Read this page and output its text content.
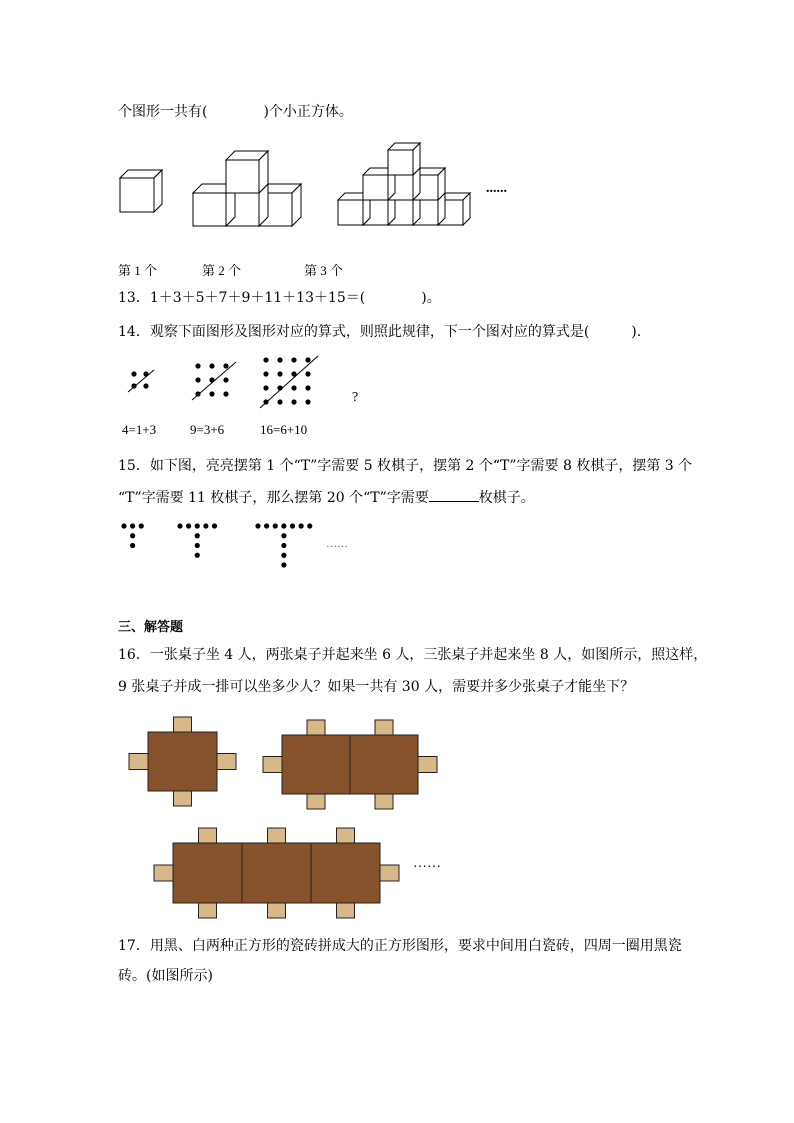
个图形一共有(　　　　)个小正方体。
......
第 1 个	第 2 个	第 3 个
13．1＋3＋5＋7＋9＋11＋13＋15＝(　　　　)。
14．观察下面图形及图形对应的算式，则照此规律，下一个图对应的算式是(　　　).
?
4=1+3	9=3+6	16=6+10
15．如下图，亮亮摆第 1 个“T”字需要 5 枚棋子，摆第 2 个“T”字需要 8 枚棋子，摆第 3 个
“T”字需要 11 枚棋子，那么摆第 20 个“T”字需要	枚棋子。
……
三、解答题
16．一张桌子坐 4 人，两张桌子并起来坐 6 人，三张桌子并起来坐 8 人，如图所示，照这样，
9 张桌子并成一排可以坐多少人？如果一共有 30 人，需要并多少张桌子才能坐下？
……
17．用黑、白两种正方形的瓷砖拼成大的正方形图形，要求中间用白瓷砖，四周一圈用黑瓷
砖。(如图所示)
